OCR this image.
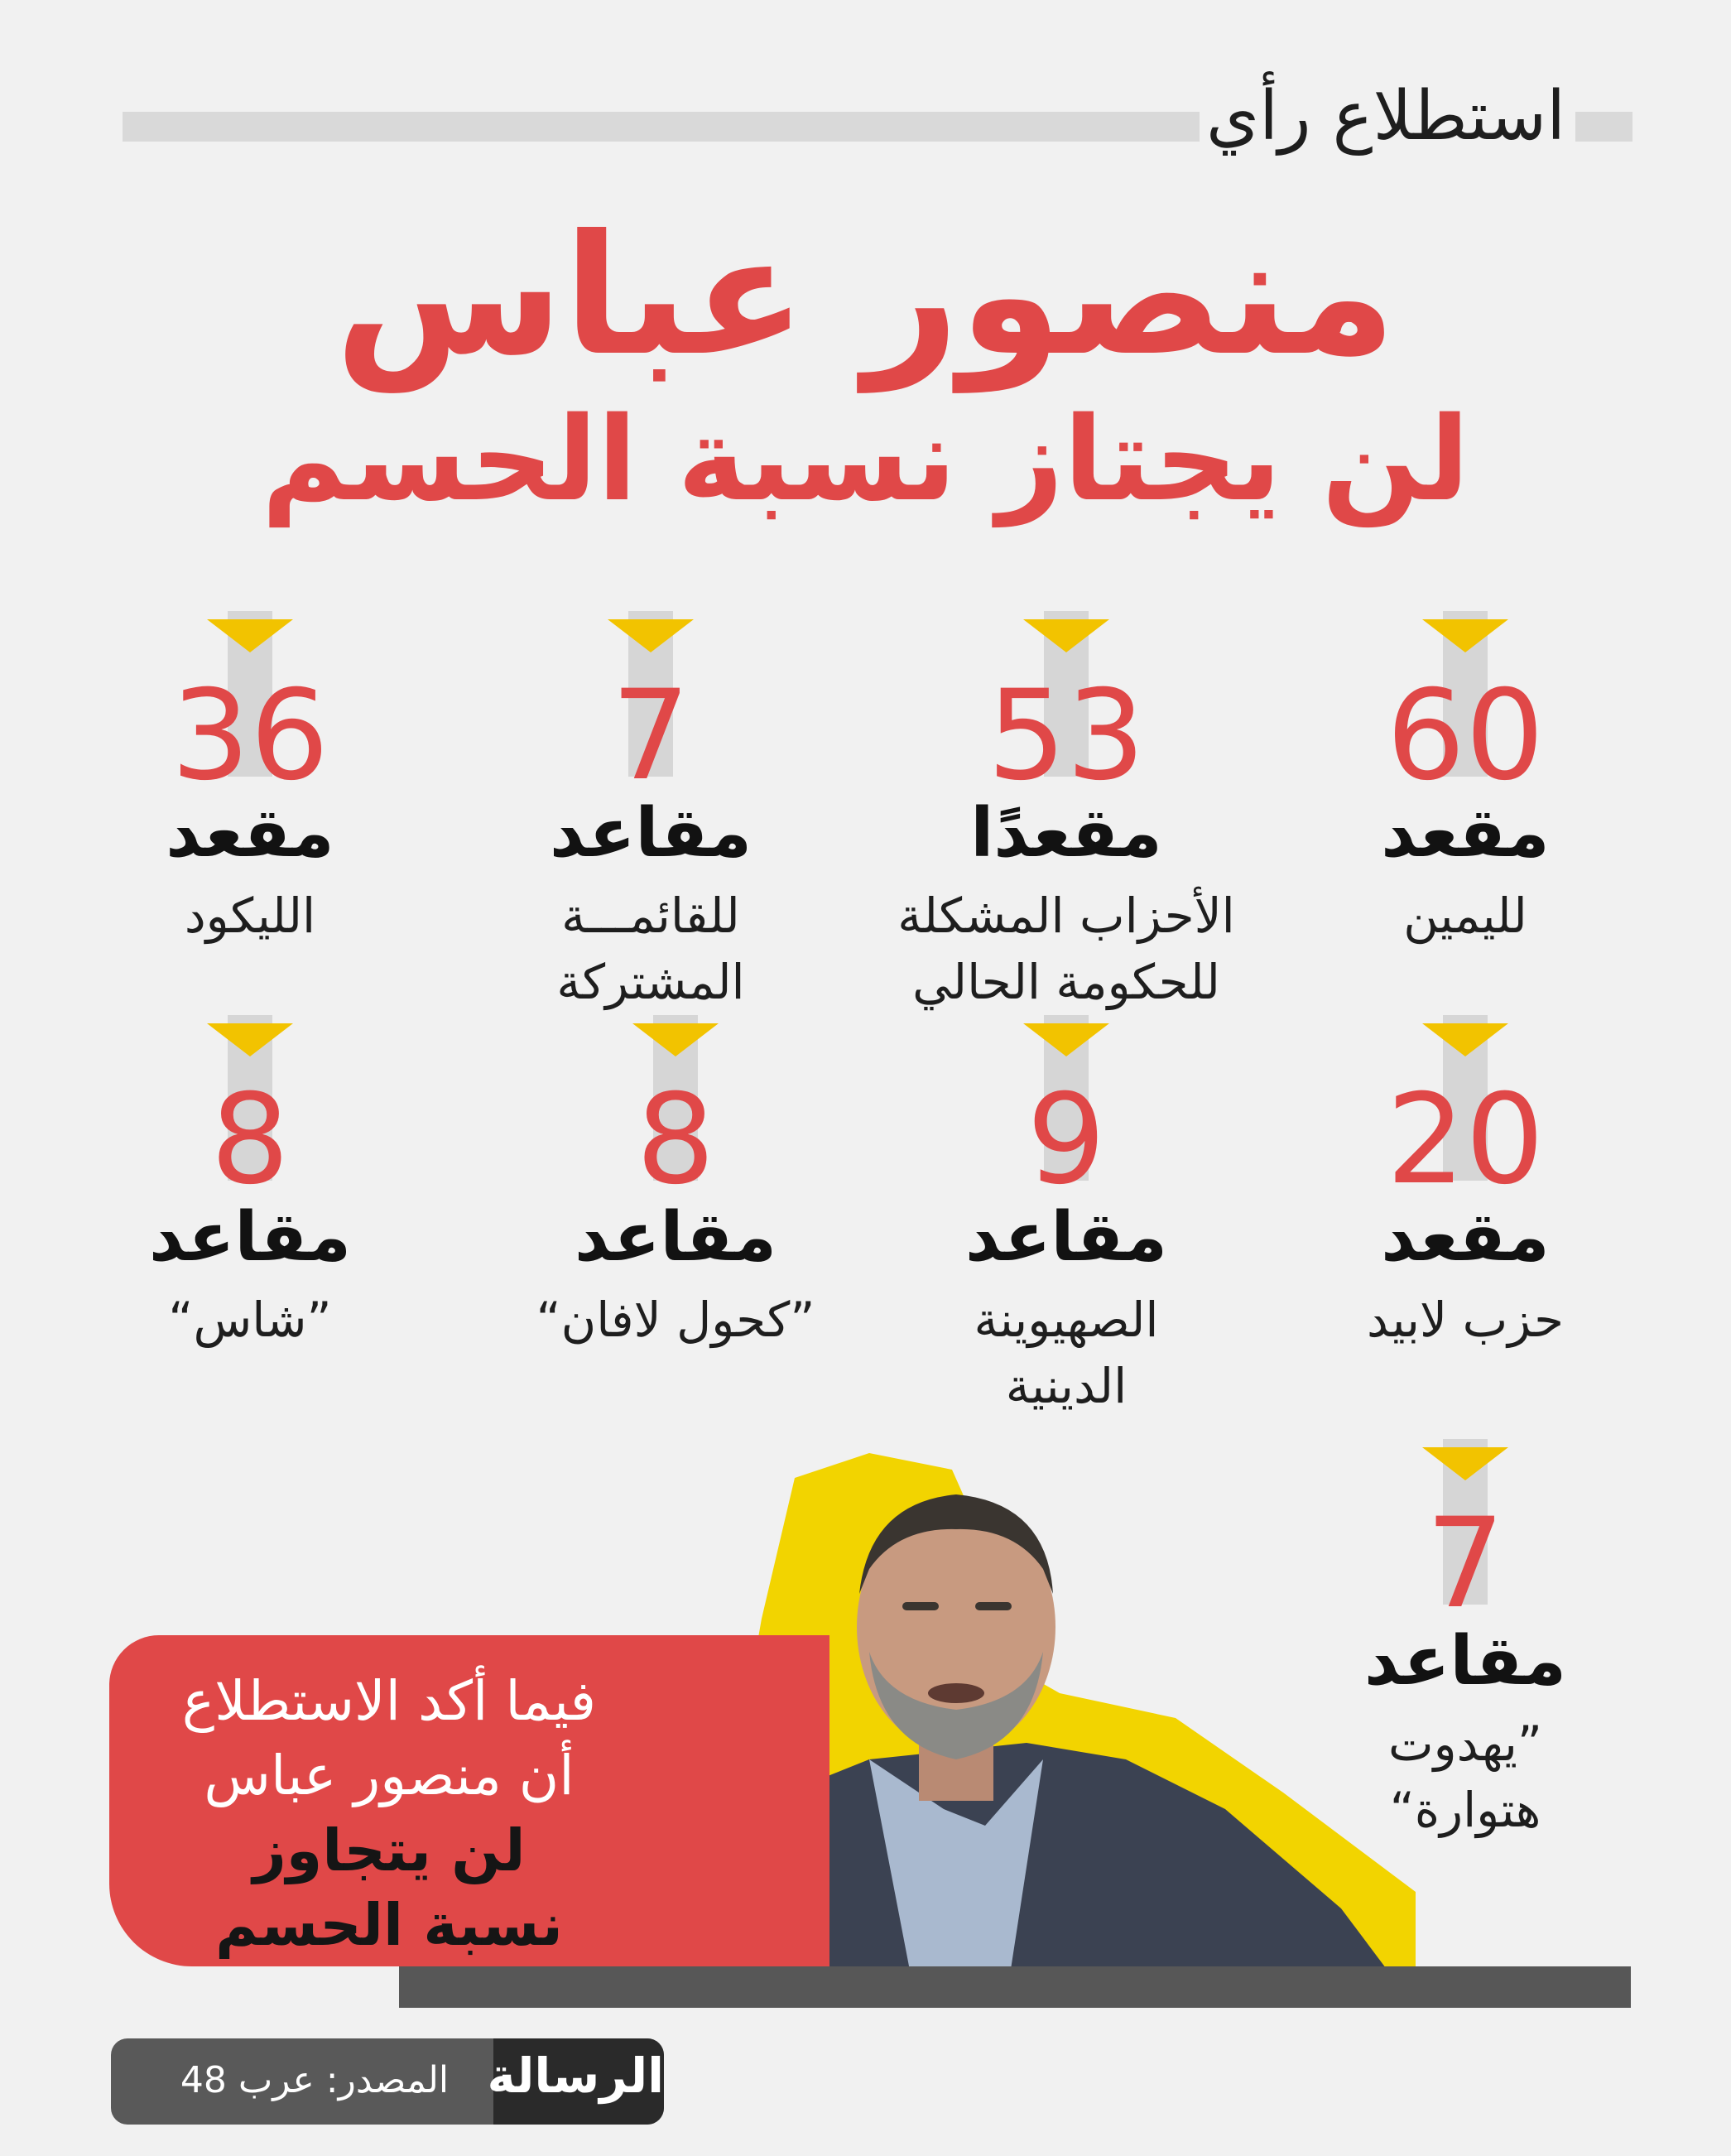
استطلاع رأي
منصور عباس
لن يجتاز نسبة الحسم
60
مقعد
لليمين
53
مقعدًا
الأحزاب المشكلة للحكومة الحالي
7
مقاعد
للقائمـــة المشتركة
36
مقعد
الليكود
20
مقعد
حزب لابيد
9
مقاعد
الصهيوينة الدينية
8
مقاعد
”كحول لافان“
8
مقاعد
”شاس“
7
مقاعد
”يهدوت هتوارة“
فيما أكد الاستطلاع
أن منصور عباس
لن يتجاوز
نسبة الحسم
الرسالة
المصدر: عرب 48
